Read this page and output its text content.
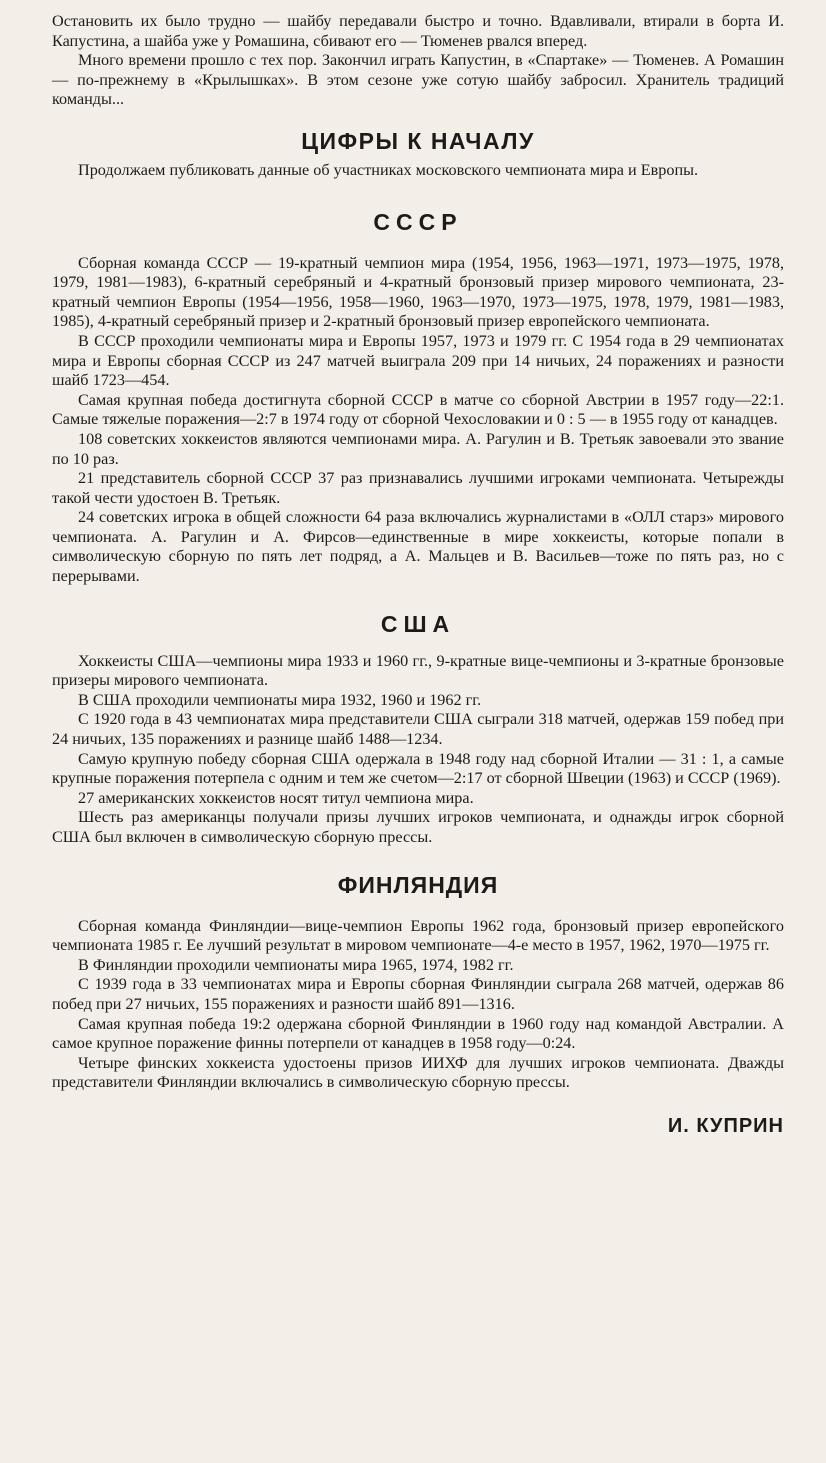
Остановить их было трудно — шайбу передавали быстро и точно. Вдавливали, втирали в борта И. Капустина, а шайба уже у Ромашина, сбивают его — Тюменев рвался вперед.

Много времени прошло с тех пор. Закончил играть Капустин, в «Спартаке» — Тюменев. А Ромашин — по-прежнему в «Крылышках». В этом сезоне уже сотую шайбу забросил. Хранитель традиций команды...

ЦИФРЫ К НАЧАЛУ

Продолжаем публиковать данные об участниках московского чемпионата мира и Европы.

СССР

Сборная команда СССР — 19-кратный чемпион мира (1954, 1956, 1963—1971, 1973—1975, 1978, 1979, 1981—1983), 6-кратный серебряный и 4-кратный бронзовый призер мирового чемпионата, 23-кратный чемпион Европы (1954—1956, 1958—1960, 1963—1970, 1973—1975, 1978, 1979, 1981—1983, 1985), 4-кратный серебряный призер и 2-кратный бронзовый призер европейского чемпионата.

В СССР проходили чемпионаты мира и Европы 1957, 1973 и 1979 гг. С 1954 года в 29 чемпионатах мира и Европы сборная СССР из 247 матчей выиграла 209 при 14 ничьих, 24 поражениях и разности шайб 1723—454.

Самая крупная победа достигнута сборной СССР в матче со сборной Австрии в 1957 году—22:1. Самые тяжелые поражения—2:7 в 1974 году от сборной Чехословакии и 0 : 5 — в 1955 году от канадцев.

108 советских хоккеистов являются чемпионами мира. А. Рагулин и В. Третьяк завоевали это звание по 10 раз.

21 представитель сборной СССР 37 раз признавались лучшими игроками чемпионата. Четырежды такой чести удостоен В. Третьяк.

24 советских игрока в общей сложности 64 раза включались журналистами в «ОЛЛ старз» мирового чемпионата. А. Рагулин и А. Фирсов—единственные в мире хоккеисты, которые попали в символическую сборную по пять лет подряд, а А. Мальцев и В. Васильев—тоже по пять раз, но с перерывами.

США

Хоккеисты США—чемпионы мира 1933 и 1960 гг., 9-кратные вице-чемпионы и 3-кратные бронзовые призеры мирового чемпионата.

В США проходили чемпионаты мира 1932, 1960 и 1962 гг.

С 1920 года в 43 чемпионатах мира представители США сыграли 318 матчей, одержав 159 побед при 24 ничьих, 135 поражениях и разнице шайб 1488—1234.

Самую крупную победу сборная США одержала в 1948 году над сборной Италии — 31 : 1, а самые крупные поражения потерпела с одним и тем же счетом—2:17 от сборной Швеции (1963) и СССР (1969).

27 американских хоккеистов носят титул чемпиона мира.

Шесть раз американцы получали призы лучших игроков чемпионата, и однажды игрок сборной США был включен в символическую сборную прессы.

ФИНЛЯНДИЯ

Сборная команда Финляндии—вице-чемпион Европы 1962 года, бронзовый призер европейского чемпионата 1985 г. Ее лучший результат в мировом чемпионате—4-е место в 1957, 1962, 1970—1975 гг.

В Финляндии проходили чемпионаты мира 1965, 1974, 1982 гг.

С 1939 года в 33 чемпионатах мира и Европы сборная Финляндии сыграла 268 матчей, одержав 86 побед при 27 ничьих, 155 поражениях и разности шайб 891—1316.

Самая крупная победа 19:2 одержана сборной Финляндии в 1960 году над командой Австралии. А самое крупное поражение финны потерпели от канадцев в 1958 году—0:24.

Четыре финских хоккеиста удостоены призов ИИХФ для лучших игроков чемпионата. Дважды представители Финляндии включались в символическую сборную прессы.

И. КУПРИН
